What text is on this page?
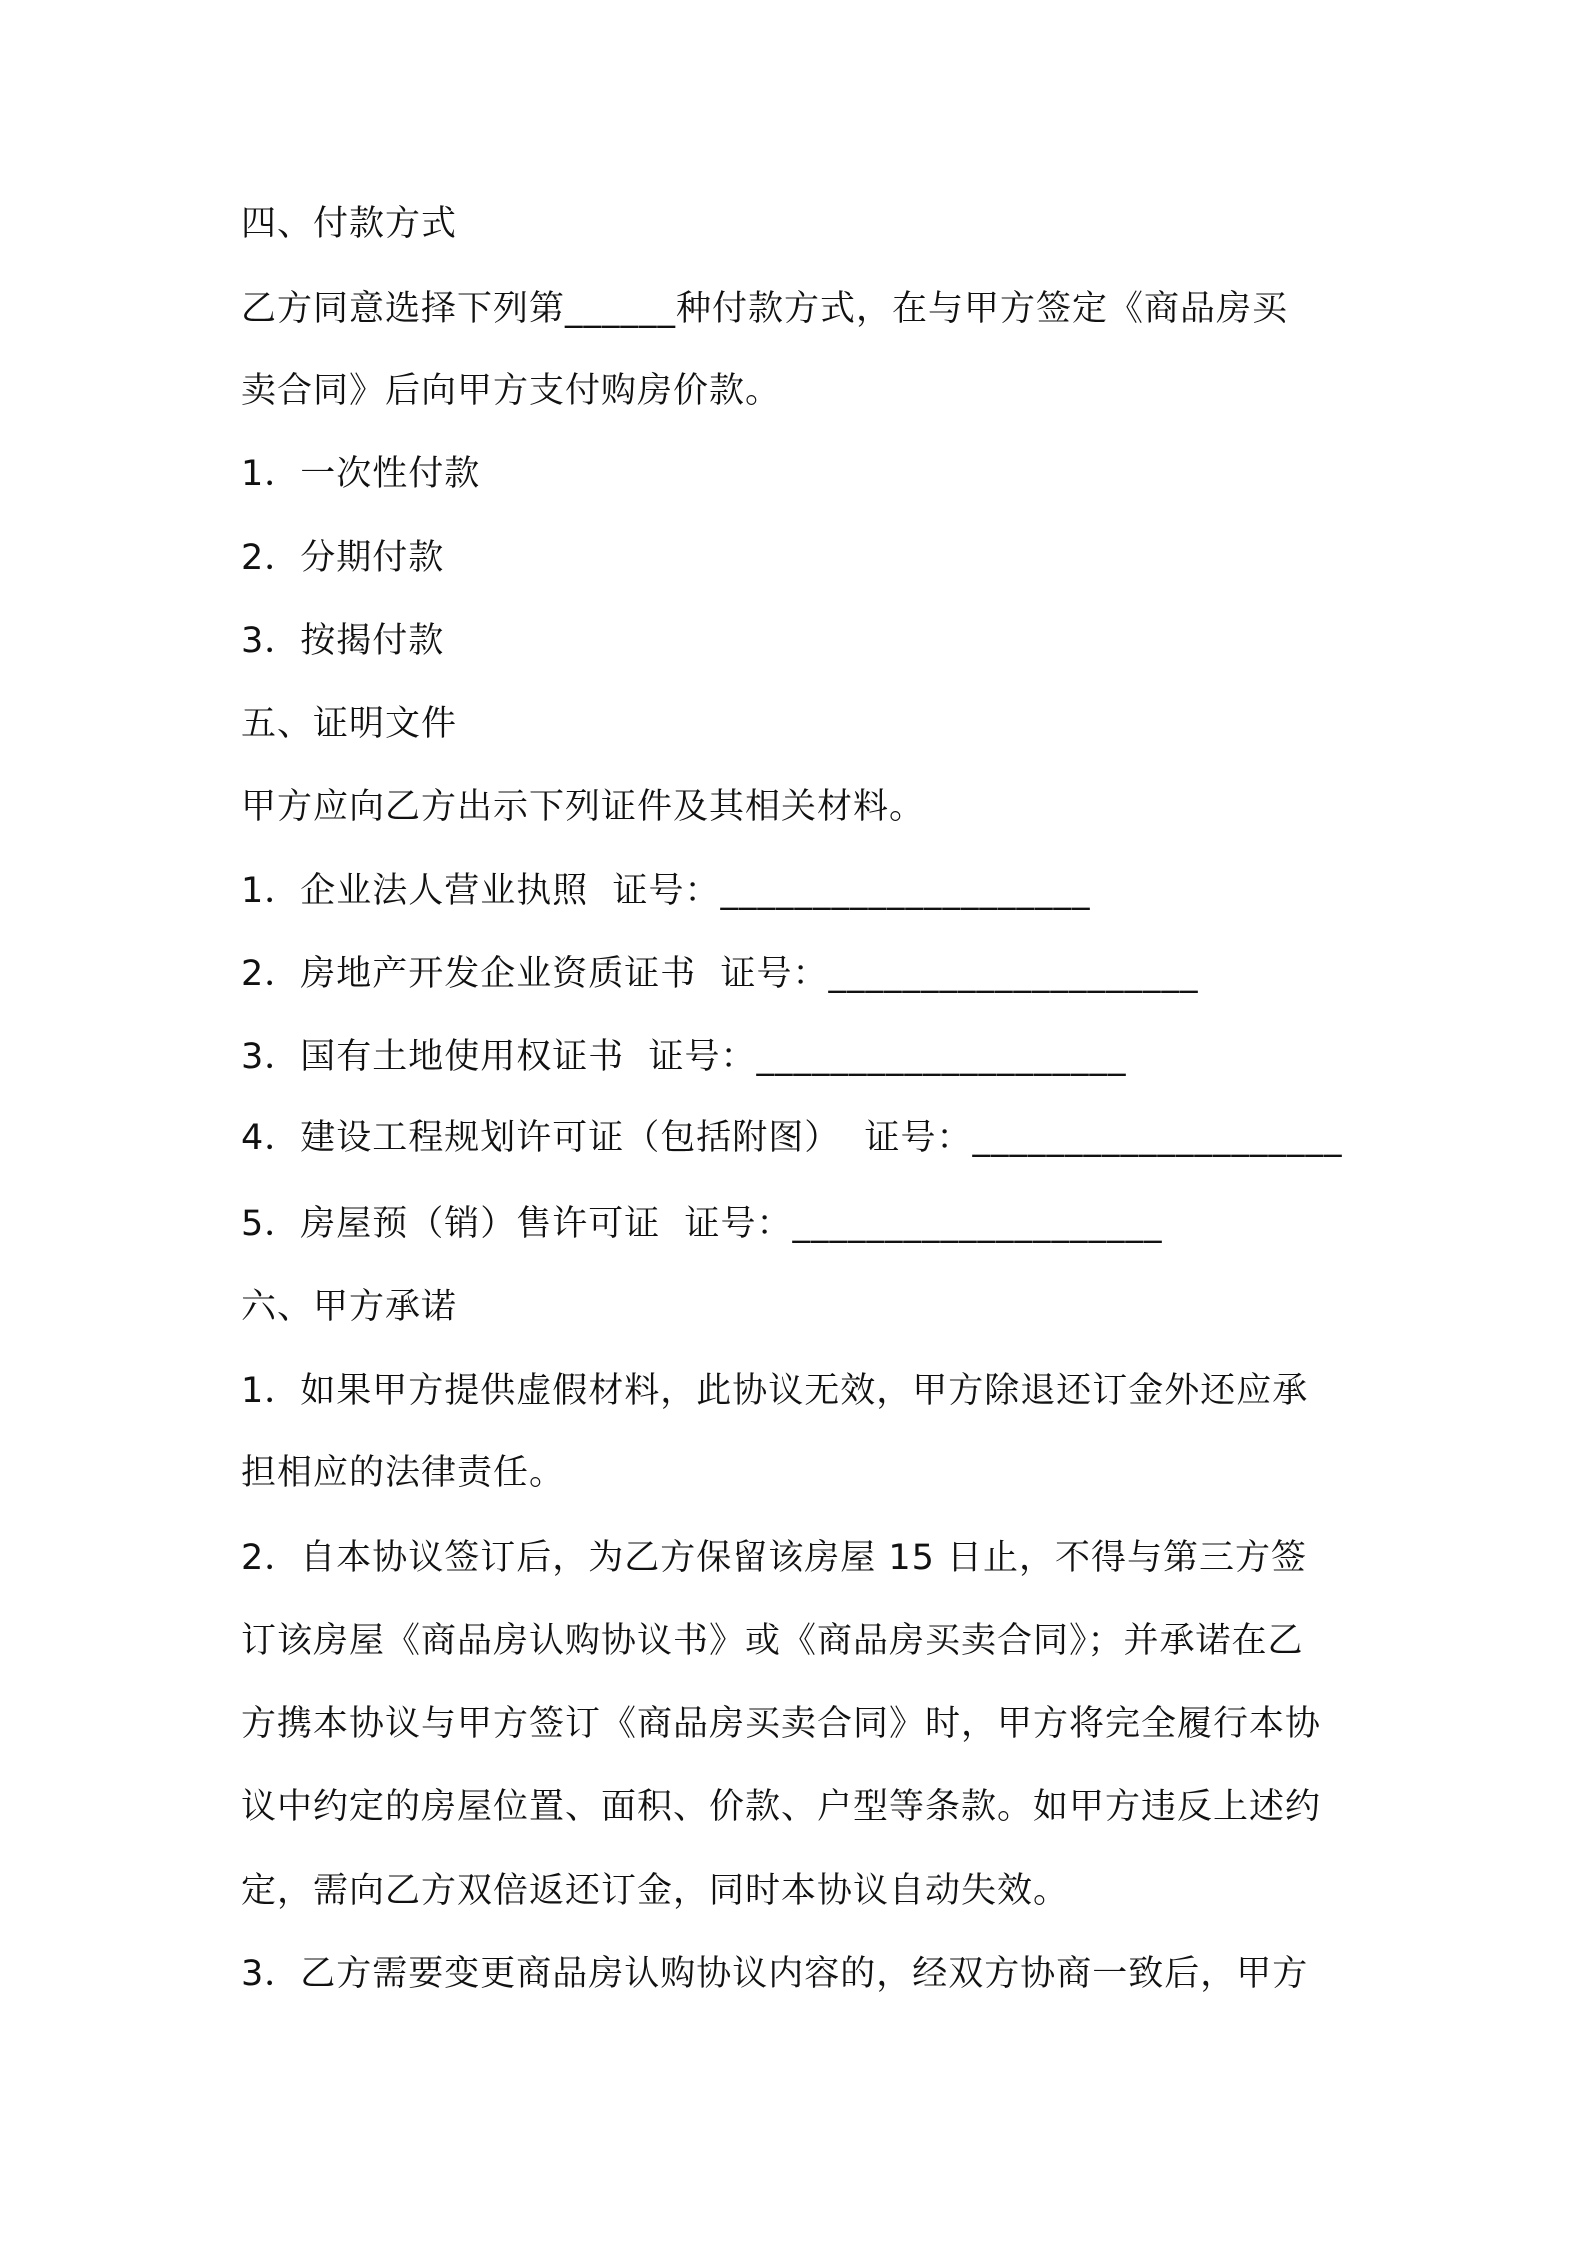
四、付款方式

乙方同意选择下列第______种付款方式，在与甲方签定《商品房买

卖合同》后向甲方支付购房价款。

1．一次性付款

2．分期付款

3．按揭付款

五、证明文件

甲方应向乙方出示下列证件及其相关材料。

1．企业法人营业执照  证号：____________________

2．房地产开发企业资质证书  证号：____________________

3．国有土地使用权证书  证号：____________________

4．建设工程规划许可证（包括附图）  证号：____________________

5．房屋预（销）售许可证  证号：____________________

六、甲方承诺

1．如果甲方提供虚假材料，此协议无效，甲方除退还订金外还应承

担相应的法律责任。

2．自本协议签订后，为乙方保留该房屋 15 日止，不得与第三方签

订该房屋《商品房认购协议书》或《商品房买卖合同》；并承诺在乙

方携本协议与甲方签订《商品房买卖合同》时，甲方将完全履行本协

议中约定的房屋位置、面积、价款、户型等条款。如甲方违反上述约

定，需向乙方双倍返还订金，同时本协议自动失效。

3．乙方需要变更商品房认购协议内容的，经双方协商一致后，甲方
